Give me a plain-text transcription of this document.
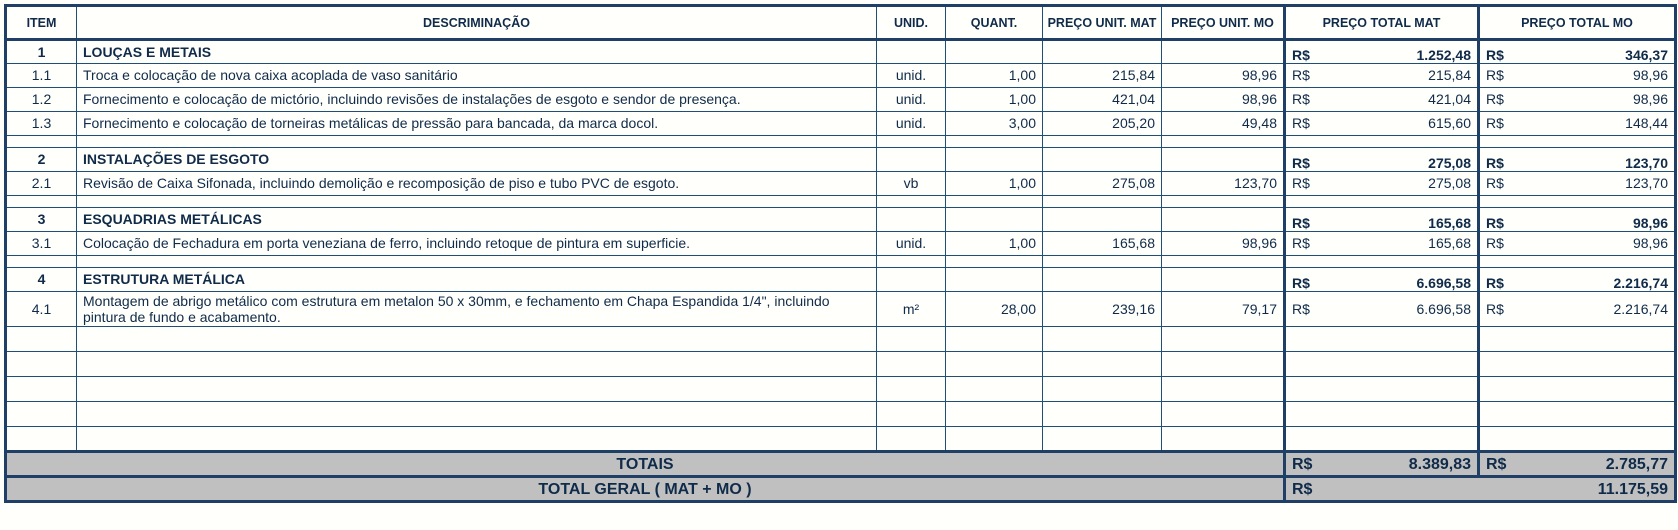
ITEM	DESCRIMINAÇÃO	UNID.	QUANT.	PREÇO UNIT. MAT	PREÇO UNIT. MO	PREÇO TOTAL MAT	PREÇO TOTAL MO
1	LOUÇAS E METAIS					R$ 1.252,48	R$ 346,37

1.1	Troca e colocação de nova caixa acoplada de vaso sanitário	unid.	1,00	215,84	98,96	R$ 215,84	R$ 98,96

1.2	Fornecimento e colocação de mictório, incluindo revisões de instalações de esgoto e sendor de presença.	unid.	1,00	421,04	98,96	R$ 421,04	R$ 98,96

1.3	Fornecimento e colocação de torneiras metálicas de pressão para bancada, da marca docol.	unid.	3,00	205,20	49,48	R$ 615,60	R$ 148,44

2	INSTALAÇÕES DE ESGOTO					R$ 275,08	R$ 123,70

2.1	Revisão de Caixa Sifonada, incluindo demolição e recomposição de piso e tubo PVC de esgoto.	vb	1,00	275,08	123,70	R$ 275,08	R$ 123,70

3	ESQUADRIAS METÁLICAS					R$ 165,68	R$ 98,96

3.1	Colocação de Fechadura em porta veneziana de ferro, incluindo retoque de pintura em superficie.	unid.	1,00	165,68	98,96	R$ 165,68	R$ 98,96

4	ESTRUTURA METÁLICA					R$ 6.696,58	R$ 2.216,74

4.1	Montagem de abrigo metálico com estrutura em metalon 50 x 30mm, e fechamento em Chapa Espandida 1/4", incluindo pintura de fundo e acabamento.	m²	28,00	239,16	79,17	R$ 6.696,58	R$ 2.216,74

TOTAIS						R$ 8.389,83	R$ 2.785,77

TOTAL GERAL ( MAT + MO )						R$ 11.175,59	
